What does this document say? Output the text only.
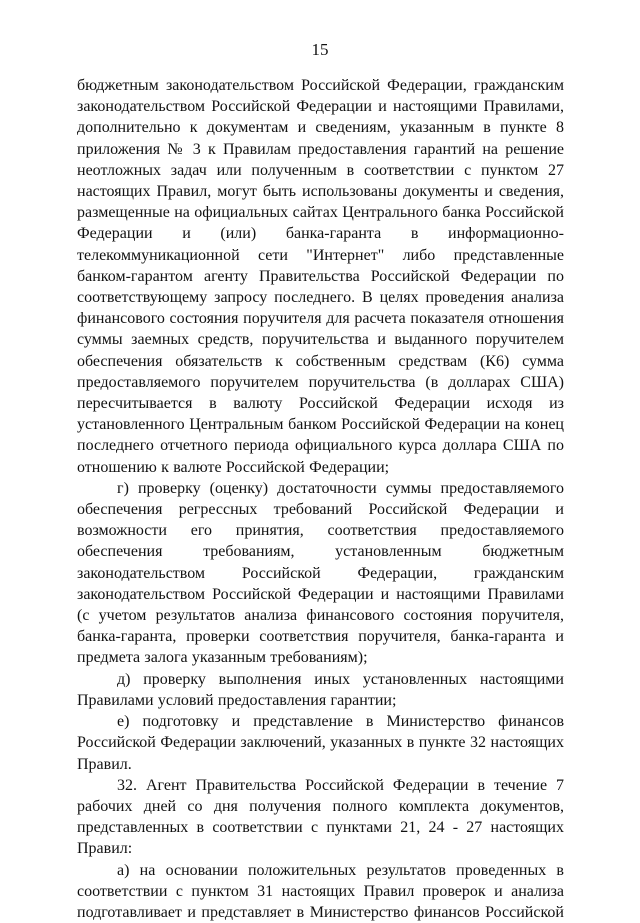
15

бюджетным законодательством Российской Федерации, гражданским законодательством Российской Федерации и настоящими Правилами, дополнительно к документам и сведениям, указанным в пункте 8 приложения № 3 к Правилам предоставления гарантий на решение неотложных задач или полученным в соответствии с пунктом 27 настоящих Правил, могут быть использованы документы и сведения, размещенные на официальных сайтах Центрального банка Российской Федерации и (или) банка-гаранта в информационно-телекоммуникационной сети "Интернет" либо представленные банком-гарантом агенту Правительства Российской Федерации по соответствующему запросу последнего. В целях проведения анализа финансового состояния поручителя для расчета показателя отношения суммы заемных средств, поручительства и выданного поручителем обеспечения обязательств к собственным средствам (К6) сумма предоставляемого поручителем поручительства (в долларах США) пересчитывается в валюту Российской Федерации исходя из установленного Центральным банком Российской Федерации на конец последнего отчетного периода официального курса доллара США по отношению к валюте Российской Федерации;

г) проверку (оценку) достаточности суммы предоставляемого обеспечения регрессных требований Российской Федерации и возможности его принятия, соответствия предоставляемого обеспечения требованиям, установленным бюджетным законодательством Российской Федерации, гражданским законодательством Российской Федерации и настоящими Правилами (с учетом результатов анализа финансового состояния поручителя, банка-гаранта, проверки соответствия поручителя, банка-гаранта и предмета залога указанным требованиям);

д) проверку выполнения иных установленных настоящими Правилами условий предоставления гарантии;

е) подготовку и представление в Министерство финансов Российской Федерации заключений, указанных в пункте 32 настоящих Правил.

32. Агент Правительства Российской Федерации в течение 7 рабочих дней со дня получения полного комплекта документов, представленных в соответствии с пунктами 21, 24 - 27 настоящих Правил:

а) на основании положительных результатов проведенных в соответствии с пунктом 31 настоящих Правил проверок и анализа подготавливает и представляет в Министерство финансов Российской
